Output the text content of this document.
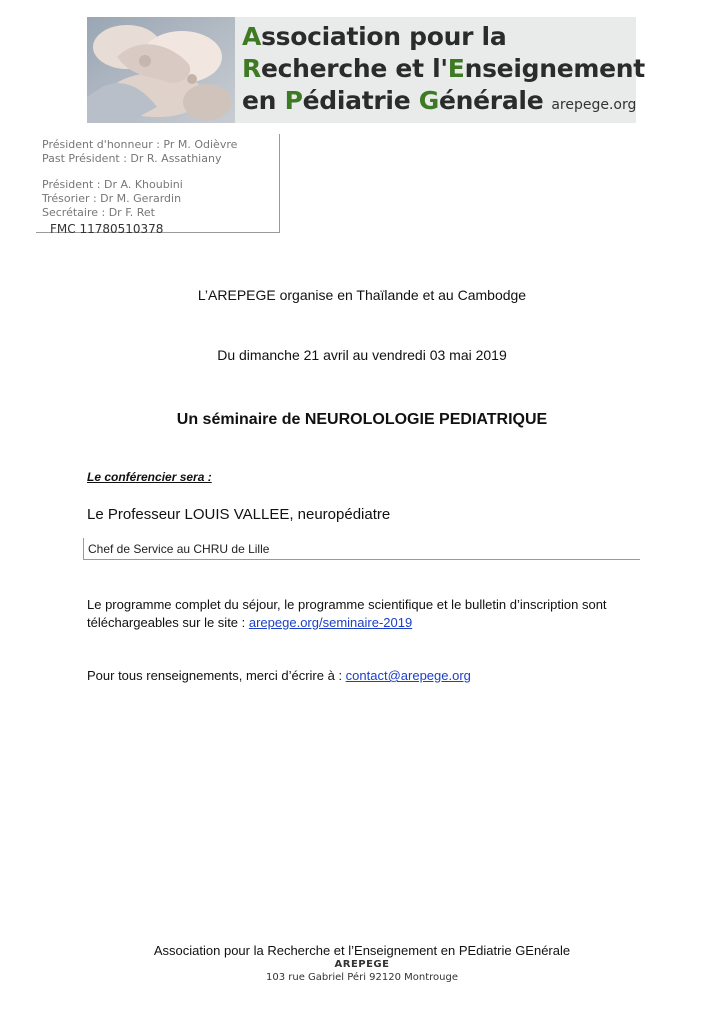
Association pour la
Recherche et l'Enseignement
en Pédiatrie Générale arepege.org
Président d'honneur : Pr M. Odièvre
Past Président : Dr R. Assathiany
Président : Dr A. Khoubini
Trésorier : Dr M. Gerardin
Secrétaire : Dr F. Ret
FMC 11780510378
L’AREPEGE organise en Thaïlande et au Cambodge
Du dimanche 21 avril au vendredi 03 mai 2019
Un séminaire de NEUROLOLOGIE PEDIATRIQUE
Le conférencier sera :
Le Professeur LOUIS VALLEE, neuropédiatre
Chef de Service au CHRU de Lille
Le programme complet du séjour, le programme scientifique et le bulletin d’inscription sont
téléchargeables sur le site : arepege.org/seminaire-2019
Pour tous renseignements, merci d’écrire à : contact@arepege.org
Association pour la Recherche et l’Enseignement en PEdiatrie GEnérale
AREPEGE
103 rue Gabriel Péri 92120 Montrouge
